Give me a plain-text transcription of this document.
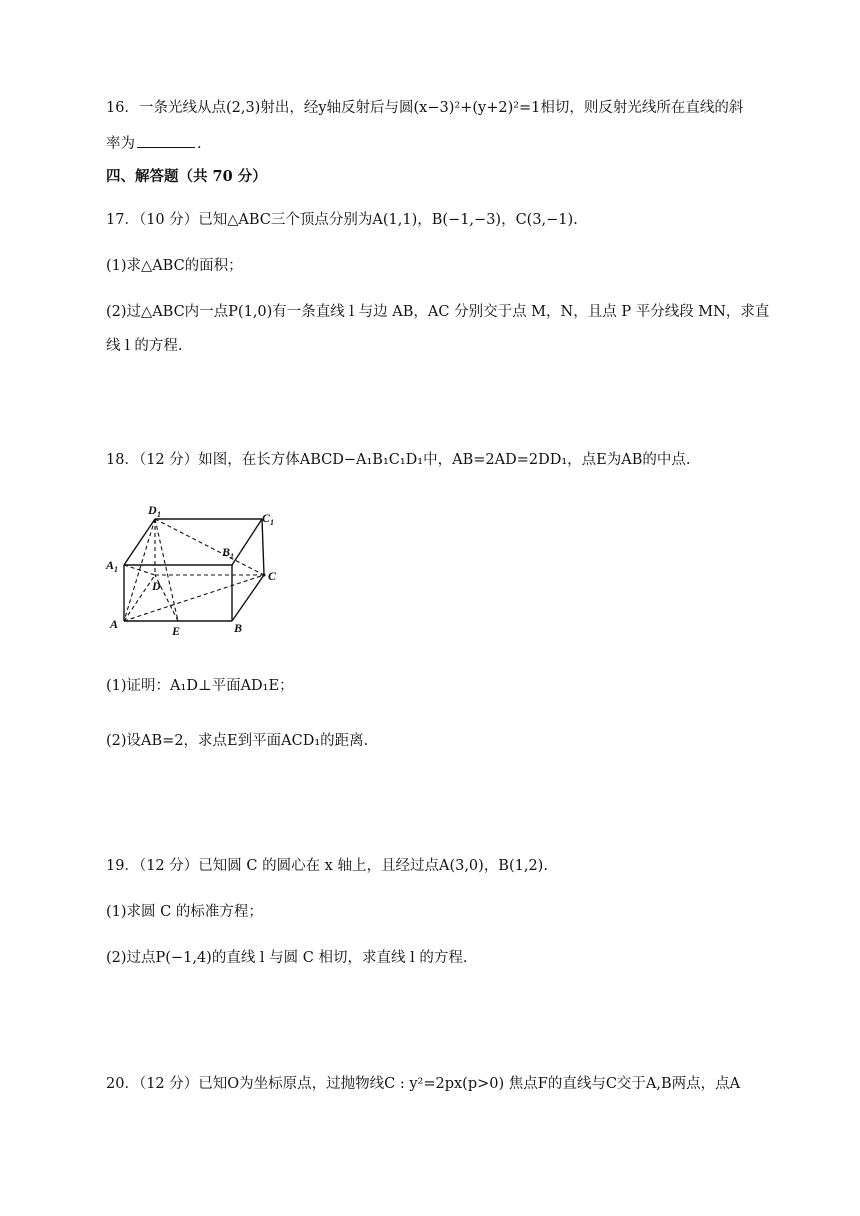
16．一条光线从点(2,3)射出，经y轴反射后与圆(x−3)²+(y+2)²=1相切，则反射光线所在直线的斜
率为	.
四、解答题（共 70 分）
17．（10 分）已知△ABC三个顶点分别为A(1,1)，B(−1,−3)，C(3,−1).
(1)求△ABC的面积；
(2)过△ABC内一点P(1,0)有一条直线 l 与边 AB，AC 分别交于点 M，N，且点 P 平分线段 MN，求直
线 l 的方程.
18．（12 分）如图，在长方体ABCD−A₁B₁C₁D₁中，AB=2AD=2DD₁，点E为AB的中点.
D 1	C 1
B 1
A 1
D
C
A	E	B
(1)证明：A₁D⊥平面AD₁E；
(2)设AB=2，求点E到平面ACD₁的距离.
19．（12 分）已知圆 C 的圆心在 x 轴上，且经过点A(3,0)，B(1,2).
(1)求圆 C 的标准方程；
(2)过点P(−1,4)的直线 l 与圆 C 相切，求直线 l 的方程.
20．（12 分）已知O为坐标原点，过抛物线C : y²=2px(p>0) 焦点F的直线与C交于A,B两点，点A
